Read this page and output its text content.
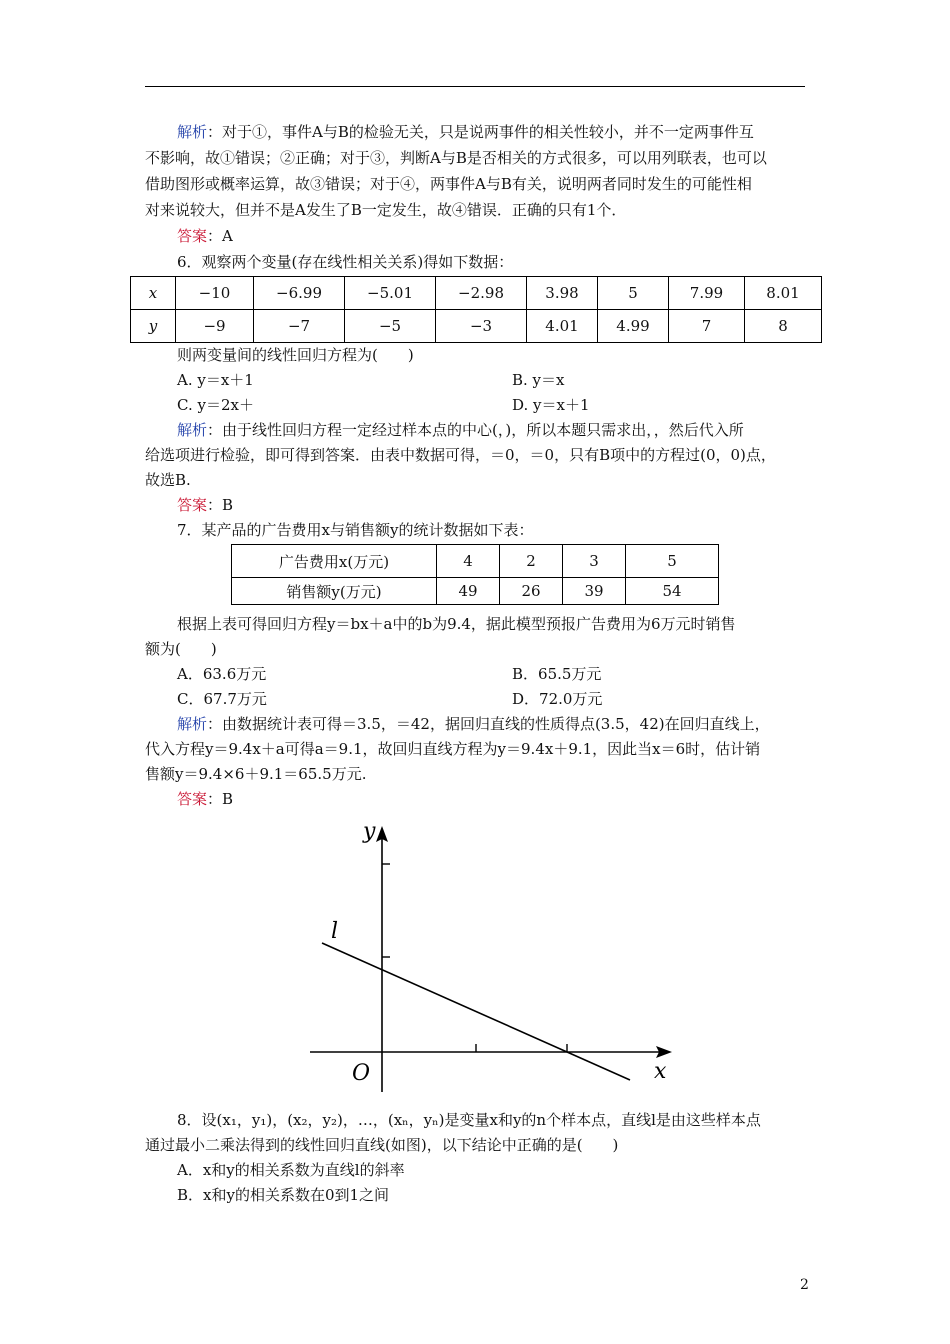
解析：对于①，事件A与B的检验无关，只是说两事件的相关性较小，并不一定两事件互
不影响，故①错误；②正确；对于③，判断A与B是否相关的方式很多，可以用列联表，也可以
借助图形或概率运算，故③错误；对于④，两事件A与B有关，说明两者同时发生的可能性相
对来说较大，但并不是A发生了B一定发生，故④错误．正确的只有1个．
答案：A
6．观察两个变量(存在线性相关关系)得如下数据：
x	−10	−6.99	−5.01	−2.98	3.98	5	7.99	8.01
y	−9	−7	−5	−3	4.01	4.99	7	8
则两变量间的线性回归方程为(　　)
A. y＝x＋1	B. y＝x
C. y＝2x＋	D. y＝x＋1
解析：由于线性回归方程一定经过样本点的中心(，)，所以本题只需求出，，然后代入所
给选项进行检验，即可得到答案．由表中数据可得，＝0，＝0，只有B项中的方程过(0，0)点，
故选B.
答案：B
7．某产品的广告费用x与销售额y的统计数据如下表：
广告费用x(万元)	4	2	3	5
销售额y(万元)	49	26	39	54
根据上表可得回归方程y＝bx＋a中的b为9.4，据此模型预报广告费用为6万元时销售
额为(　　)
A．63.6万元	B．65.5万元
C．67.7万元	D．72.0万元
解析：由数据统计表可得＝3.5，＝42，据回归直线的性质得点(3.5，42)在回归直线上，
代入方程y＝9.4x＋a可得a＝9.1，故回归直线方程为y＝9.4x＋9.1，因此当x＝6时，估计销
售额y＝9.4×6＋9.1＝65.5万元.
答案：B
y
x
O
l
8．设(x₁，y₁)，(x₂，y₂)，…，(xₙ，yₙ)是变量x和y的n个样本点，直线l是由这些样本点
通过最小二乘法得到的线性回归直线(如图)，以下结论中正确的是(　　)
A．x和y的相关系数为直线l的斜率
B．x和y的相关系数在0到1之间
2
